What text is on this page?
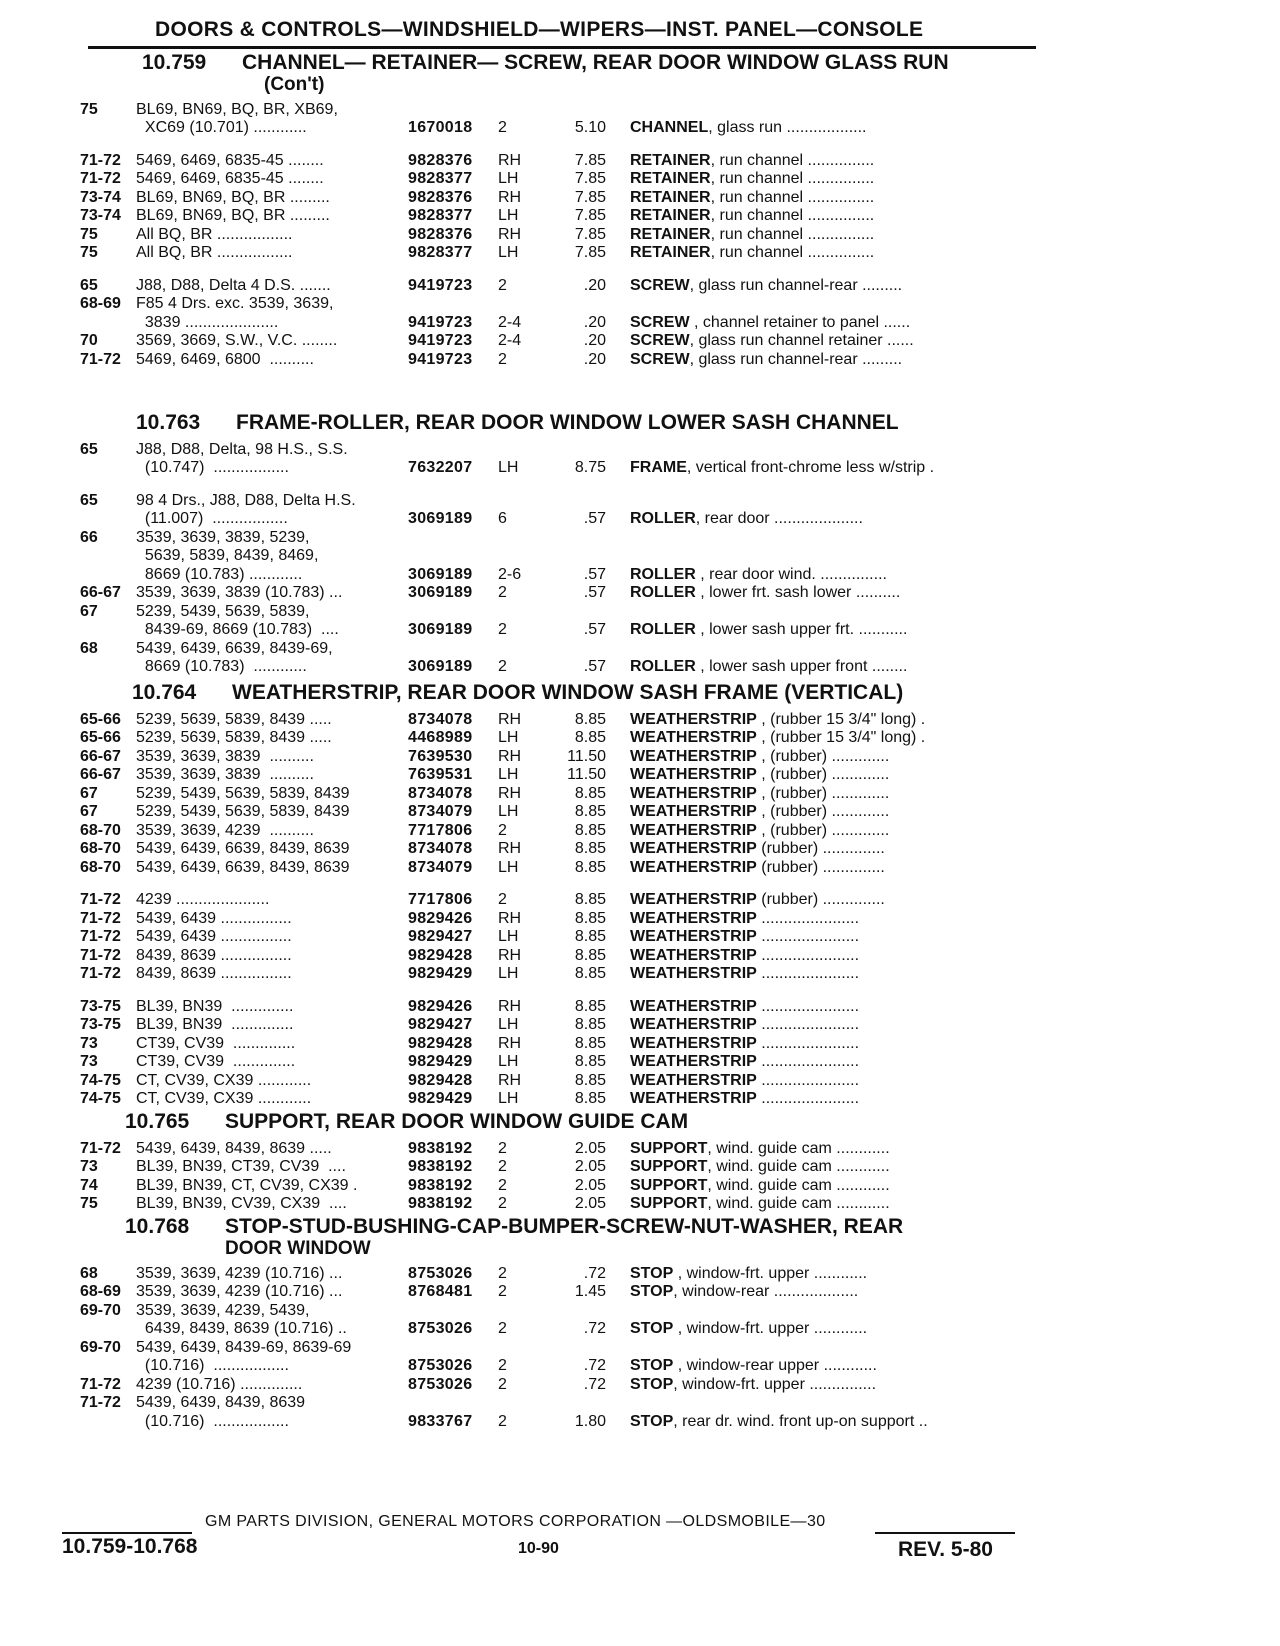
DOORS & CONTROLS—WINDSHIELD—WIPERS—INST. PANEL—CONSOLE
10.759	CHANNEL— RETAINER— SCREW, REAR DOOR WINDOW GLASS RUN
(Con't)
75	BL69, BN69, BQ, BR, XB69,
XC69 (10.701) ............	1670018	2	5.10	CHANNEL, glass run ..................
71-72 5469, 6469, 6835-45 ........	9828376	RH	7.85	RETAINER, run channel ...............
71-72 5469, 6469, 6835-45 ........	9828377	LH	7.85	RETAINER, run channel ...............
73-74 BL69, BN69, BQ, BR .........	9828376	RH	7.85	RETAINER, run channel ...............
73-74 BL69, BN69, BQ, BR .........	9828377	LH	7.85	RETAINER, run channel ...............
75	All BQ, BR .................	9828376	RH	7.85	RETAINER, run channel ...............
75	All BQ, BR .................	9828377	LH	7.85	RETAINER, run channel ...............
65	J88, D88, Delta 4 D.S. .......	9419723	2	.20	SCREW, glass run channel-rear .........
68-69 F85 4 Drs. exc. 3539, 3639,
3839 .....................	9419723	2-4	.20	SCREW , channel retainer to panel ......
70	3569, 3669, S.W., V.C. ........	9419723	2-4	.20	SCREW, glass run channel retainer ......
71-72 5469, 6469, 6800  ..........	9419723	2	.20	SCREW, glass run channel-rear .........
10.763	FRAME-ROLLER, REAR DOOR WINDOW LOWER SASH CHANNEL
65	J88, D88, Delta, 98 H.S., S.S.
(10.747)  .................	7632207	LH	8.75	FRAME, vertical front-chrome less w/strip .
65	98 4 Drs., J88, D88, Delta H.S.
(11.007)  .................	3069189	6	.57	ROLLER, rear door ....................
66	3539, 3639, 3839, 5239,
5639, 5839, 8439, 8469,
8669 (10.783) ............	3069189	2-6	.57	ROLLER , rear door wind. ...............
66-67 3539, 3639, 3839 (10.783) ...	3069189	2	.57	ROLLER , lower frt. sash lower ..........
67	5239, 5439, 5639, 5839,
8439-69, 8669 (10.783)  ....	3069189	2	.57	ROLLER , lower sash upper frt. ...........
68	5439, 6439, 6639, 8439-69,
8669 (10.783)  ............	3069189	2	.57	ROLLER , lower sash upper front ........
10.764	WEATHERSTRIP, REAR DOOR WINDOW SASH FRAME (VERTICAL)
65-66 5239, 5639, 5839, 8439 .....	8734078	RH	8.85	WEATHERSTRIP , (rubber 15 3/4" long) .
65-66 5239, 5639, 5839, 8439 .....	4468989	LH	8.85	WEATHERSTRIP , (rubber 15 3/4" long) .
66-67 3539, 3639, 3839  ..........	7639530	RH	11.50	WEATHERSTRIP , (rubber) .............
66-67 3539, 3639, 3839  ..........	7639531	LH	11.50	WEATHERSTRIP , (rubber) .............
67	5239, 5439, 5639, 5839, 8439	8734078	RH	8.85	WEATHERSTRIP , (rubber) .............
67	5239, 5439, 5639, 5839, 8439	8734079	LH	8.85	WEATHERSTRIP , (rubber) .............
68-70 3539, 3639, 4239  ..........	7717806	2	8.85	WEATHERSTRIP , (rubber) .............
68-70 5439, 6439, 6639, 8439, 8639	8734078	RH	8.85	WEATHERSTRIP (rubber) ..............
68-70 5439, 6439, 6639, 8439, 8639	8734079	LH	8.85	WEATHERSTRIP (rubber) ..............
71-72 4239 .....................	7717806	2	8.85	WEATHERSTRIP (rubber) ..............
71-72 5439, 6439 ................	9829426	RH	8.85	WEATHERSTRIP ......................
71-72 5439, 6439 ................	9829427	LH	8.85	WEATHERSTRIP ......................
71-72 8439, 8639 ................	9829428	RH	8.85	WEATHERSTRIP ......................
71-72 8439, 8639 ................	9829429	LH	8.85	WEATHERSTRIP ......................
73-75 BL39, BN39  ..............	9829426	RH	8.85	WEATHERSTRIP ......................
73-75 BL39, BN39  ..............	9829427	LH	8.85	WEATHERSTRIP ......................
73	CT39, CV39  ..............	9829428	RH	8.85	WEATHERSTRIP ......................
73	CT39, CV39  ..............	9829429	LH	8.85	WEATHERSTRIP ......................
74-75 CT, CV39, CX39 ............	9829428	RH	8.85	WEATHERSTRIP ......................
74-75 CT, CV39, CX39 ............	9829429	LH	8.85	WEATHERSTRIP ......................
10.765	SUPPORT, REAR DOOR WINDOW GUIDE CAM
71-72 5439, 6439, 8439, 8639 .....	9838192	2	2.05	SUPPORT, wind. guide cam ............
73	BL39, BN39, CT39, CV39  ....	9838192	2	2.05	SUPPORT, wind. guide cam ............
74	BL39, BN39, CT, CV39, CX39 .	9838192	2	2.05	SUPPORT, wind. guide cam ............
75	BL39, BN39, CV39, CX39  ....	9838192	2	2.05	SUPPORT, wind. guide cam ............
10.768	STOP-STUD-BUSHING-CAP-BUMPER-SCREW-NUT-WASHER, REAR
DOOR WINDOW
68	3539, 3639, 4239 (10.716) ...	8753026	2	.72	STOP , window-frt. upper ............
68-69 3539, 3639, 4239 (10.716) ...	8768481	2	1.45	STOP, window-rear ...................
69-70 3539, 3639, 4239, 5439,
6439, 8439, 8639 (10.716) ..	8753026	2	.72	STOP , window-frt. upper ............
69-70 5439, 6439, 8439-69, 8639-69
(10.716)  .................	8753026	2	.72	STOP , window-rear upper ............
71-72 4239 (10.716) ..............	8753026	2	.72	STOP, window-frt. upper ...............
71-72 5439, 6439, 8439, 8639
(10.716)  .................	9833767	2	1.80	STOP, rear dr. wind. front up-on support ..
GM PARTS DIVISION, GENERAL MOTORS CORPORATION —OLDSMOBILE—30
10.759-10.768	10-90	REV. 5-80
